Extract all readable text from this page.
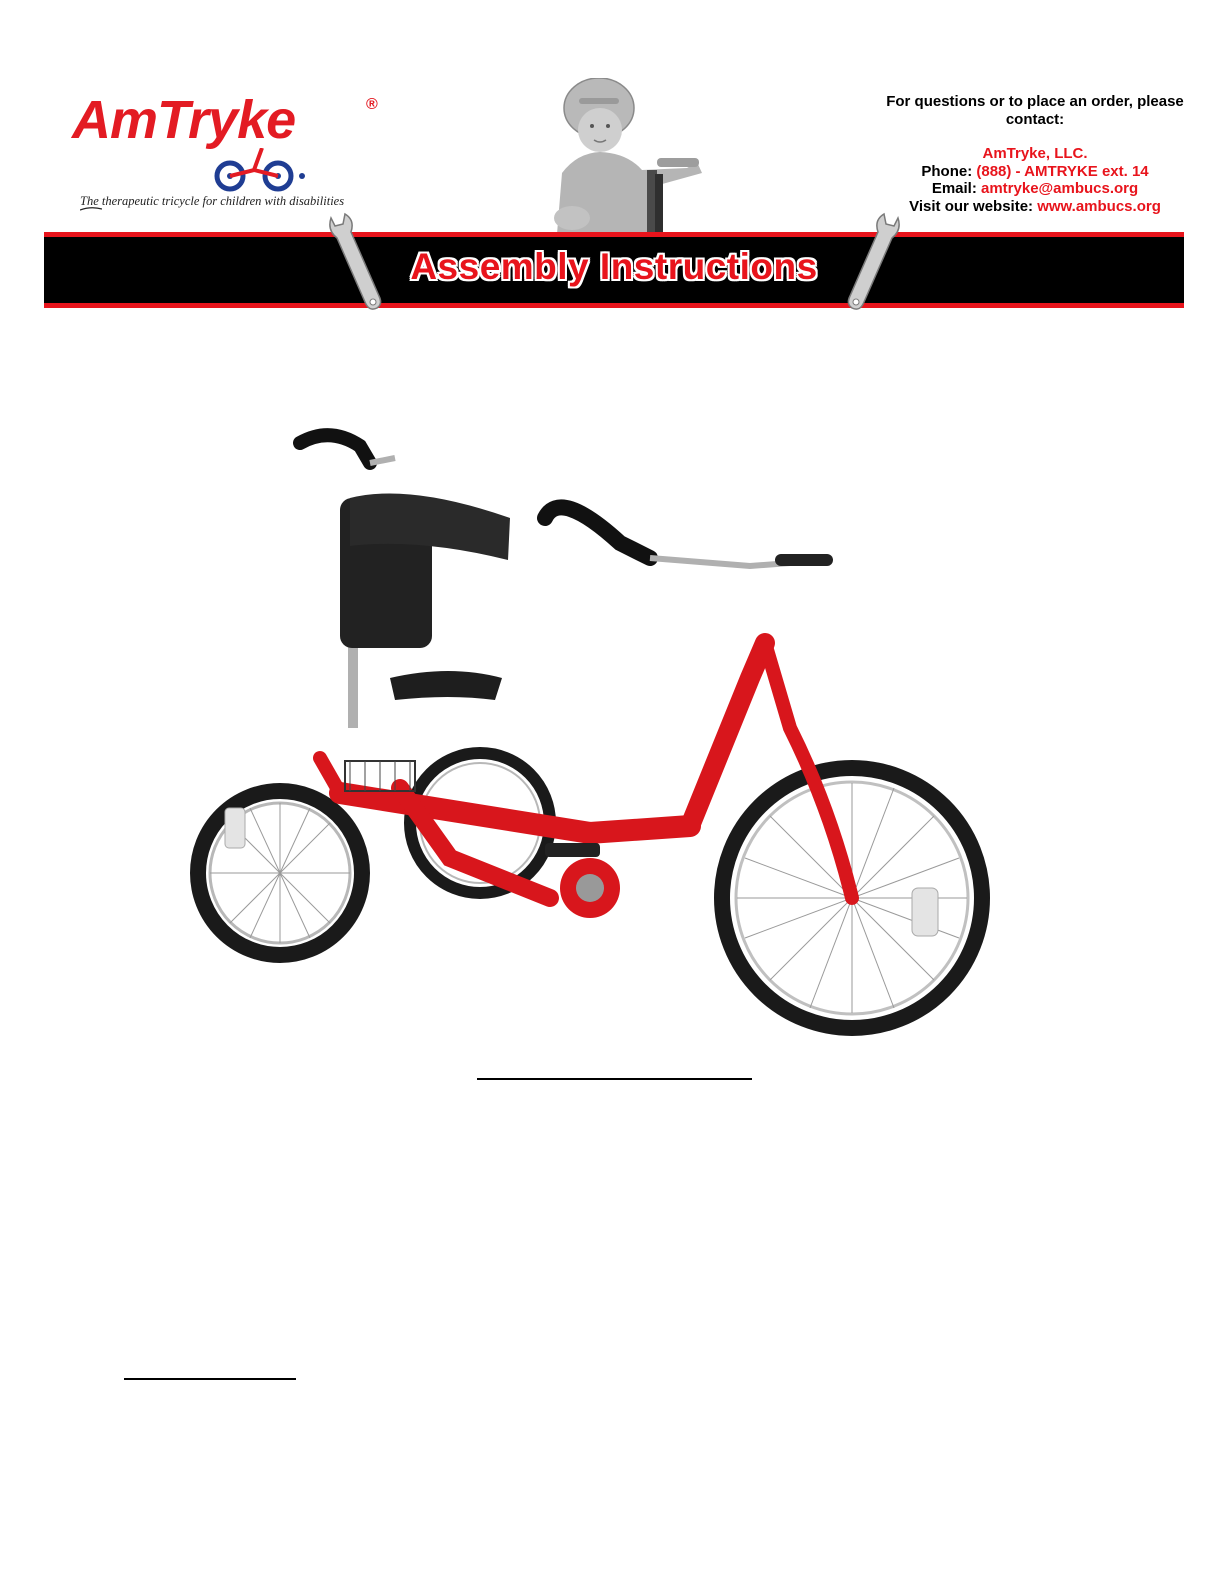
AmTryke	®
The therapeutic tricycle for children with disabilities
For questions or to place an order, please contact:
AmTryke, LLC.
Phone: (888) - AMTRYKE ext. 14
Email: amtryke@ambucs.org
Visit our website: www.ambucs.org
Assembly Instructions
